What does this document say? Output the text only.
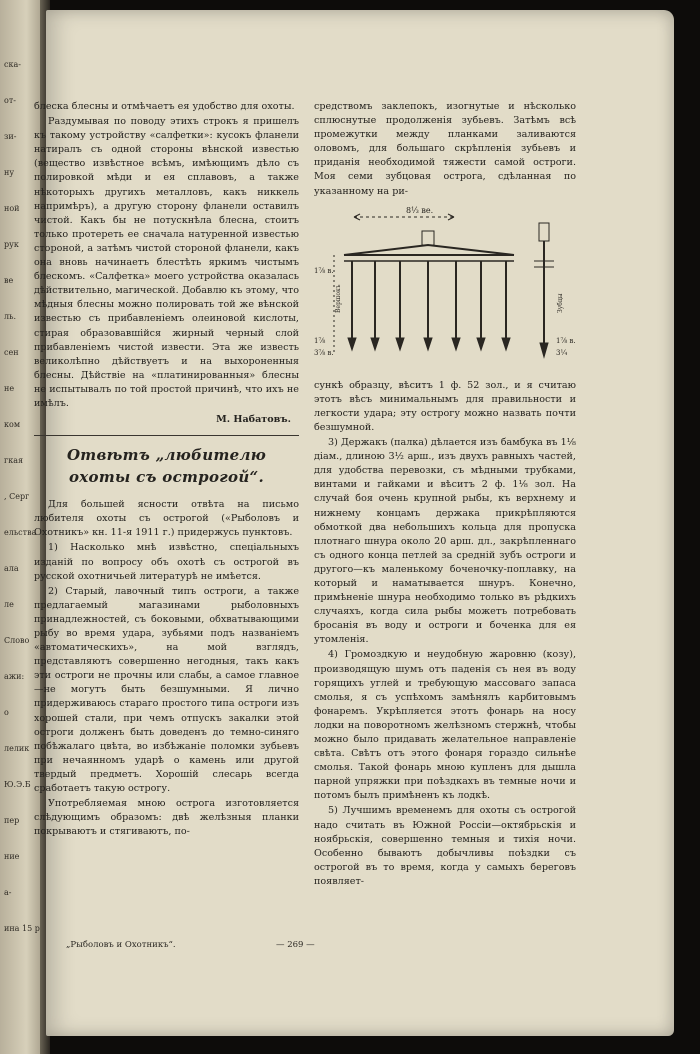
ска-
от-
зи-
ну
ной
рук
ве
ль.
сен
не
ком
гкая
, Серг
ельства
ала
ле
Слово
ажи:
о
лелик
Ю.Э.Б
пер
ние
а-
ина 15 р

блеска блесны и отмѣчаетъ ея удобство для охоты.

Раздумывая по поводу этихъ строкъ я пришелъ къ такому устройству «салфетки»: кусокъ фланели натиралъ съ одной стороны вѣнской известью (вещество извѣстное всѣмъ, имѣющимъ дѣло съ полировкой мѣди и ея сплавовъ, а также нѣкоторыхъ другихъ металловъ, какъ никкель напримѣръ), а другую сторону фланели оставилъ чистой. Какъ бы не потускнѣла блесна, стоитъ только протереть ее сначала натуренной известью стороной, а затѣмъ чистой стороной фланели, какъ она вновь начинаетъ блестѣть яркимъ чистымъ блескомъ. «Салфетка» моего устройства оказалась дѣйствительно, магической. Добавлю къ этому, что мѣдныя блесны можно полировать той же вѣнской известью съ прибавленіемъ олеиновой кислоты, стирая образовавшійся жирный черный слой прибавленіемъ чистой извести. Эта же известь великолѣпно дѣйствуетъ и на выхороненныя блесны. Дѣйствіе на «платинированныя» блесны не испытывалъ по той простой причинѣ, что ихъ не имѣлъ.

М. Набатовъ.
Отвѣтъ „любителю охоты съ острогой“.

Для большей ясности отвѣта на письмо любителя охоты съ острогой («Рыболовъ и Охотникъ» кн. 11-я 1911 г.) придержусь пунктовъ.

1) Насколько мнѣ извѣстно, спеціальныхъ изданій по вопросу объ охотѣ съ острогой въ русской охотничьей литературѣ не имѣется.

2) Старый, лавочный типъ остроги, а также предлагаемый магазинами рыболовныхъ принадлежностей, съ боковыми, обхватывающими рыбу во время удара, зубьями подъ названіемъ «автоматическихъ», на мой взглядъ, представляютъ совершенно негодныя, такъ какъ эти остроги не прочны или слабы, а самое главное—не могутъ быть безшумными. Я лично придерживаюсь стараго простого типа остроги изъ хорошей стали, при чемъ отпускъ закалки этой остроги долженъ быть доведенъ до темно-синяго побѣжалаго цвѣта, во избѣжаніе поломки зубьевъ при нечаянномъ ударѣ о камень или другой твердый предметъ. Хорошій слесарь всегда сработаетъ такую острогу.

Употребляемая мною острога изготовляется слѣдующимъ образомъ: двѣ желѣзныя планки покрываютъ и стягиваютъ, по-

средствомъ заклепокъ, изогнутые и нѣсколько сплюснутые продолженія зубьевъ. Затѣмъ всѣ промежутки между планками заливаются оловомъ, для большаго скрѣпленія зубьевъ и приданія необходимой тяжести самой остроги. Моя семи зубцовая острога, сдѣланная по указанному на ри-

8⅓ ве.
1⅞ в.
1⅞
3⅞ в.
1⅞ в.
3¼
Вершокъ	Зубцы

сункѣ образцу, вѣситъ 1 ф. 52 зол., и я считаю этотъ вѣсъ минимальнымъ для правильности и легкости удара; эту острогу можно назвать почти безшумной.

3) Держакъ (палка) дѣлается изъ бамбука въ 1⅛ діам., длиною 3½ арш., изъ двухъ равныхъ частей, для удобства перевозки, съ мѣдными трубками, винтами и гайками и вѣситъ 2 ф. 1⅛ зол. На случай боя очень крупной рыбы, къ верхнему и нижнему концамъ держака прикрѣпляются обмоткой два небольшихъ кольца для пропуска плотнаго шнура около 20 арш. дл., закрѣпленнаго съ одного конца петлей за средній зубъ остроги и другого—къ маленькому боченочку-поплавку, на который и наматывается шнуръ. Конечно, примѣненіе шнура необходимо только въ рѣдкихъ случаяхъ, когда сила рыбы можетъ потребовать бросанія въ воду и остроги и боченка для ея утомленія.

4) Громоздкую и неудобную жаровню (козу), производящую шумъ отъ паденія съ нея въ воду горящихъ углей и требующую массоваго запаса смолья, я съ успѣхомъ замѣнялъ карбитовымъ фонаремъ. Укрѣпляется этотъ фонарь на носу лодки на поворотномъ желѣзномъ стержнѣ, чтобы можно было придавать желательное направленіе свѣта. Свѣтъ отъ этого фонаря гораздо сильнѣе смолья. Такой фонарь мною купленъ для дышла парной упряжки при поѣздкахъ въ темные ночи и потомъ былъ примѣненъ къ лодкѣ.

5) Лучшимъ временемъ для охоты съ острогой надо считать въ Южной Россіи—октябрьскія и ноябрьскія, совершенно темныя и тихія ночи. Особенно бываютъ добычливы поѣздки съ острогой въ то время, когда у самыхъ береговъ появляет-

„Рыболовъ и Охотникъ“.	— 269 —
